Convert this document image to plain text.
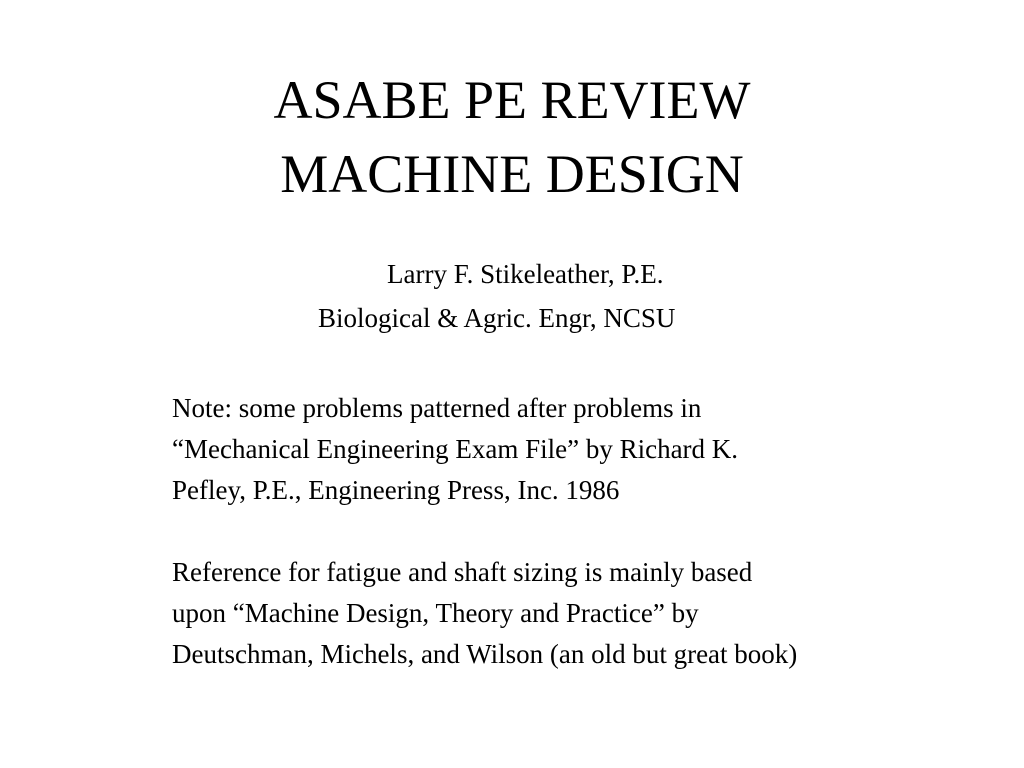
ASABE PE REVIEW
MACHINE DESIGN
Larry F. Stikeleather, P.E.
Biological & Agric. Engr, NCSU
Note: some problems patterned after problems in
“Mechanical Engineering Exam File” by Richard K.
Pefley, P.E., Engineering Press, Inc. 1986
Reference for fatigue and shaft sizing is mainly based
upon “Machine Design, Theory and Practice” by
Deutschman, Michels, and Wilson (an old but great book)
